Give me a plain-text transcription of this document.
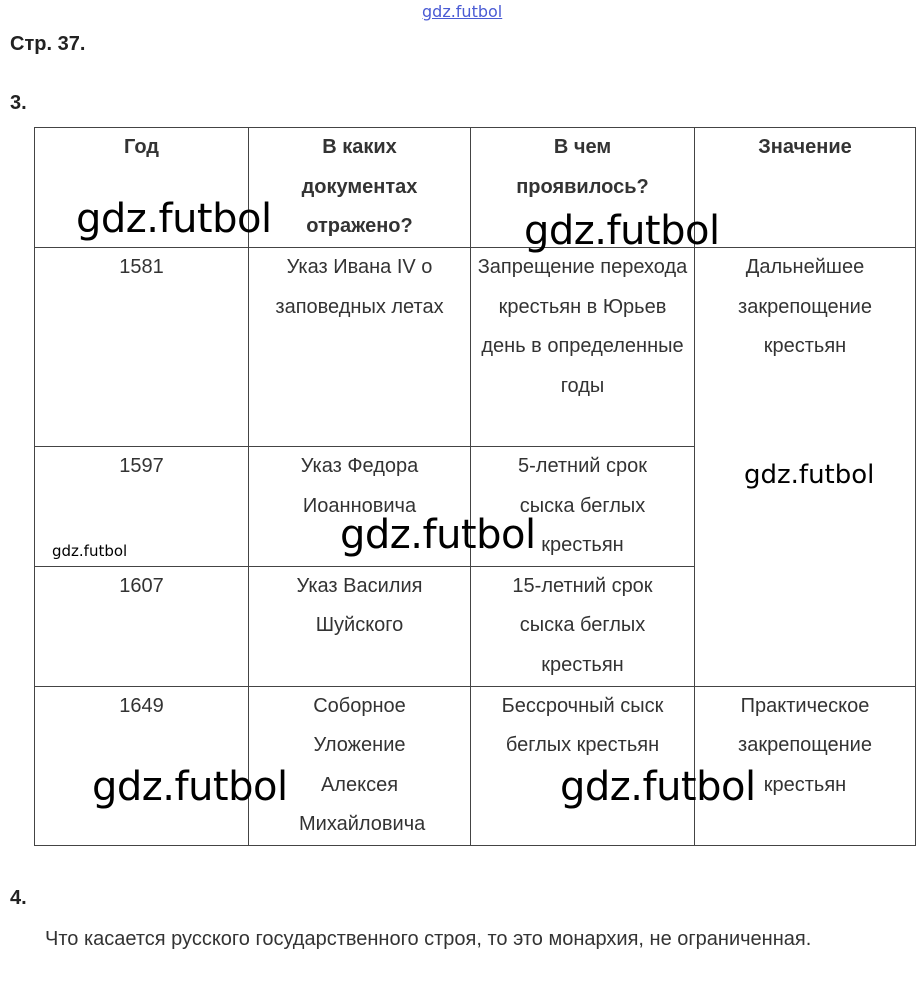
gdz.futbol
Стр. 37.
3.
Год	В каких документах отражено?	В чем проявилось?	Значение
1581	Указ Ивана IV о заповедных летах	Запрещение перехода крестьян в Юрьев день в определенные годы	Дальнейшее закрепощение крестьян
1597	Указ Федора Иоанновича	5-летний срок сыска беглых крестьян	
1607	Указ Василия Шуйского	15-летний срок сыска беглых крестьян	
1649	Соборное Уложение Алексея Михайловича	Бессрочный сыск беглых крестьян	Практическое закрепощение крестьян
4.
Что касается русского государственного строя, то это монархия, не ограниченная.
gdz.futbol	gdz.futbol
gdz.futbol
gdz.futbol
gdz.futbol
gdz.futbol	gdz.futbol
